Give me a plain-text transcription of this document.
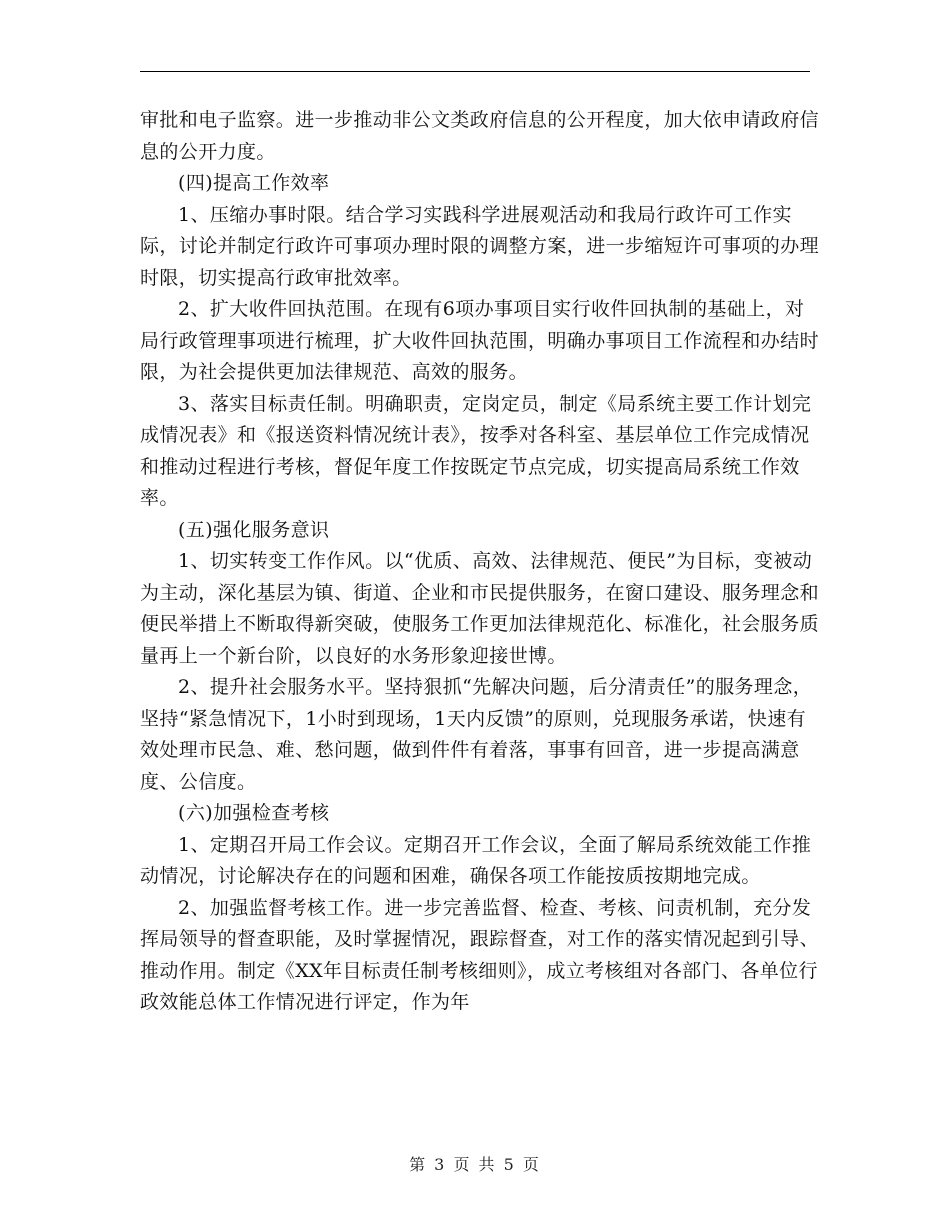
审批和电子监察。进一步推动非公文类政府信息的公开程度，加大依申请政府信息的公开力度。

(四)提高工作效率

1、压缩办事时限。结合学习实践科学进展观活动和我局行政许可工作实际，讨论并制定行政许可事项办理时限的调整方案，进一步缩短许可事项的办理时限，切实提高行政审批效率。

2、扩大收件回执范围。在现有6项办事项目实行收件回执制的基础上，对局行政管理事项进行梳理，扩大收件回执范围，明确办事项目工作流程和办结时限，为社会提供更加法律规范、高效的服务。

3、落实目标责任制。明确职责，定岗定员，制定《局系统主要工作计划完成情况表》和《报送资料情况统计表》，按季对各科室、基层单位工作完成情况和推动过程进行考核，督促年度工作按既定节点完成，切实提高局系统工作效率。

(五)强化服务意识

1、切实转变工作作风。以“优质、高效、法律规范、便民”为目标，变被动为主动，深化基层为镇、街道、企业和市民提供服务，在窗口建设、服务理念和便民举措上不断取得新突破，使服务工作更加法律规范化、标准化，社会服务质量再上一个新台阶，以良好的水务形象迎接世博。

2、提升社会服务水平。坚持狠抓“先解决问题，后分清责任”的服务理念，坚持“紧急情况下，1小时到现场，1天内反馈”的原则，兑现服务承诺，快速有效处理市民急、难、愁问题，做到件件有着落，事事有回音，进一步提高满意度、公信度。

(六)加强检查考核

1、定期召开局工作会议。定期召开工作会议，全面了解局系统效能工作推动情况，讨论解决存在的问题和困难，确保各项工作能按质按期地完成。

2、加强监督考核工作。进一步完善监督、检查、考核、问责机制，充分发挥局领导的督查职能，及时掌握情况，跟踪督查，对工作的落实情况起到引导、推动作用。制定《XX年目标责任制考核细则》，成立考核组对各部门、各单位行政效能总体工作情况进行评定，作为年

第 3 页 共 5 页
